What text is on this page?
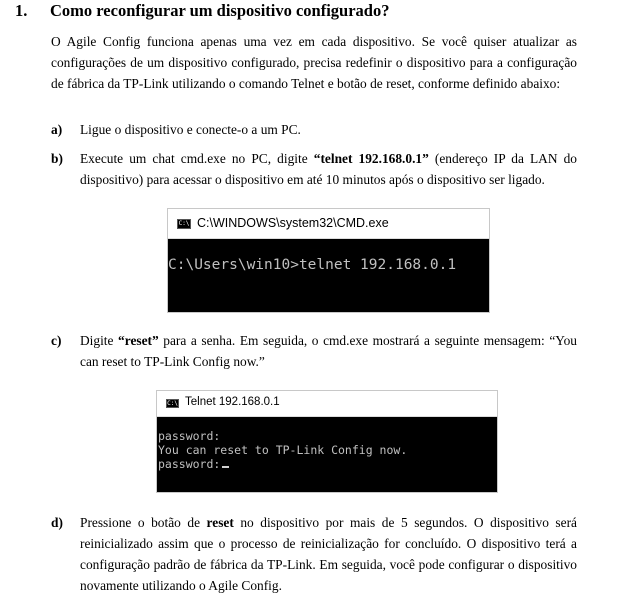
1. Como reconfigurar um dispositivo configurado?

O Agile Config funciona apenas uma vez em cada dispositivo. Se você quiser atualizar as configurações de um dispositivo configurado, precisa redefinir o dispositivo para a configuração de fábrica da TP-Link utilizando o comando Telnet e botão de reset, conforme definido abaixo:

a) Ligue o dispositivo e conecte-o a um PC.
b) Execute um chat cmd.exe no PC, digite “telnet 192.168.0.1” (endereço IP da LAN do dispositivo) para acessar o dispositivo em até 10 minutos após o dispositivo ser ligado.
C:\ C:\WINDOWS\system32\CMD.exe
C:\Users\win10>telnet 192.168.0.1
c) Digite “reset” para a senha. Em seguida, o cmd.exe mostrará a seguinte mensagem: “You can reset to TP-Link Config now.”
C:\ Telnet 192.168.0.1
password:
You can reset to TP-Link Config now.
password:
d) Pressione o botão de reset no dispositivo por mais de 5 segundos. O dispositivo será reinicializado assim que o processo de reinicialização for concluído. O dispositivo terá a configuração padrão de fábrica da TP-Link. Em seguida, você pode configurar o dispositivo novamente utilizando o Agile Config.
